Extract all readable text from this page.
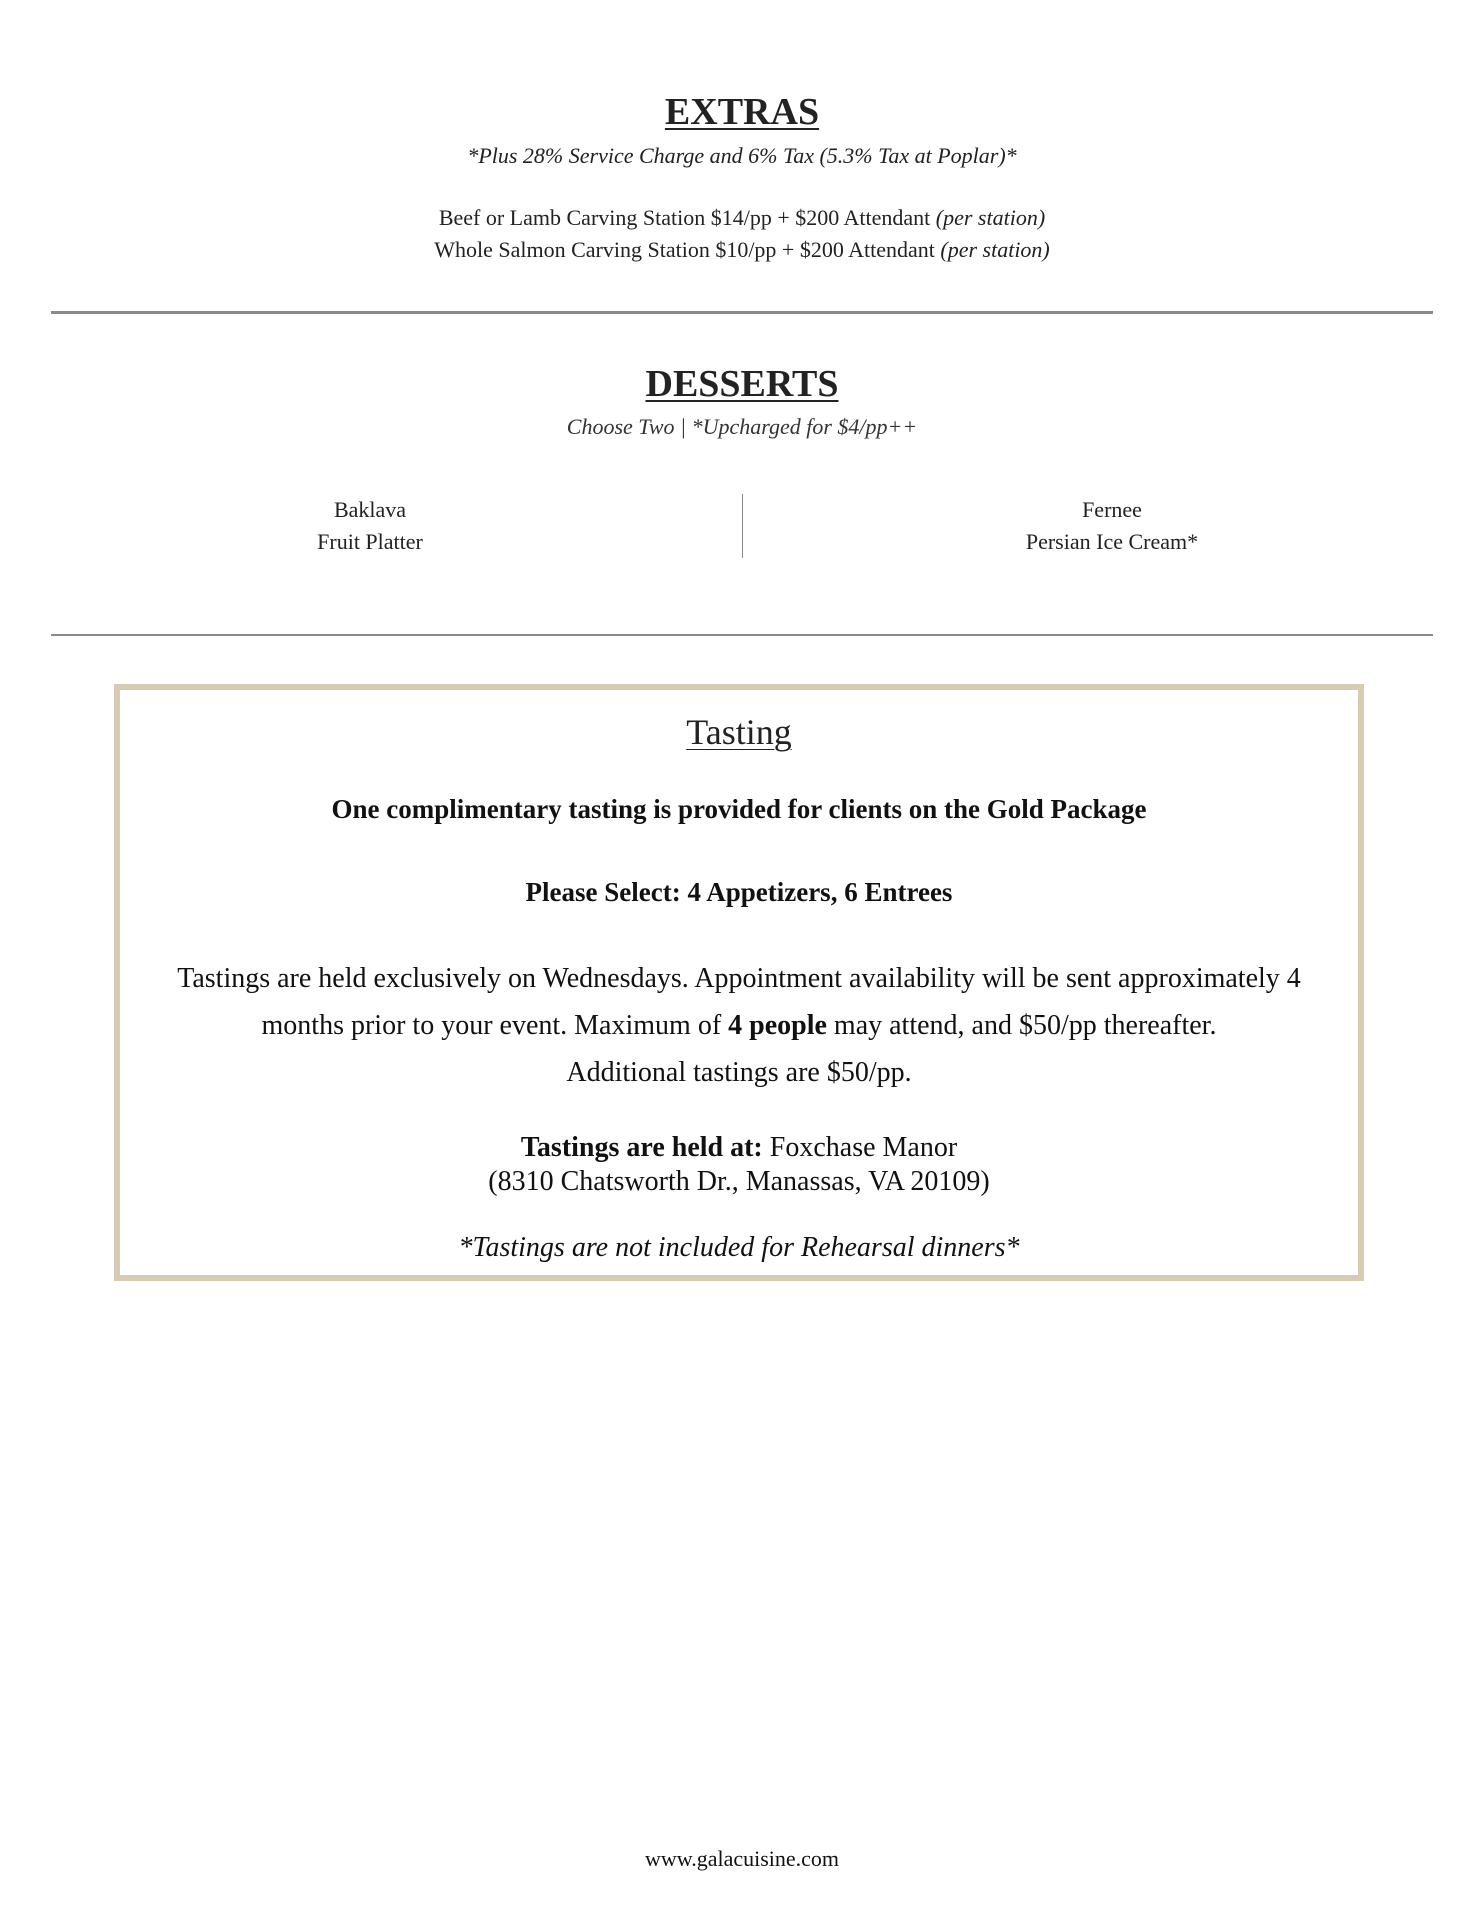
EXTRAS
*Plus 28% Service Charge and 6% Tax (5.3% Tax at Poplar)*
Beef or Lamb Carving Station $14/pp + $200 Attendant (per station)
Whole Salmon Carving Station $10/pp + $200 Attendant (per station)
DESSERTS
Choose Two | *Upcharged for $4/pp++
Baklava
Fruit Platter
Fernee
Persian Ice Cream*
Tasting
One complimentary tasting is provided for clients on the Gold Package
Please Select: 4 Appetizers, 6 Entrees
Tastings are held exclusively on Wednesdays. Appointment availability will be sent approximately 4 months prior to your event. Maximum of 4 people may attend, and $50/pp thereafter.
Additional tastings are $50/pp.
Tastings are held at: Foxchase Manor
(8310 Chatsworth Dr., Manassas, VA 20109)
*Tastings are not included for Rehearsal dinners*
www.galacuisine.com
